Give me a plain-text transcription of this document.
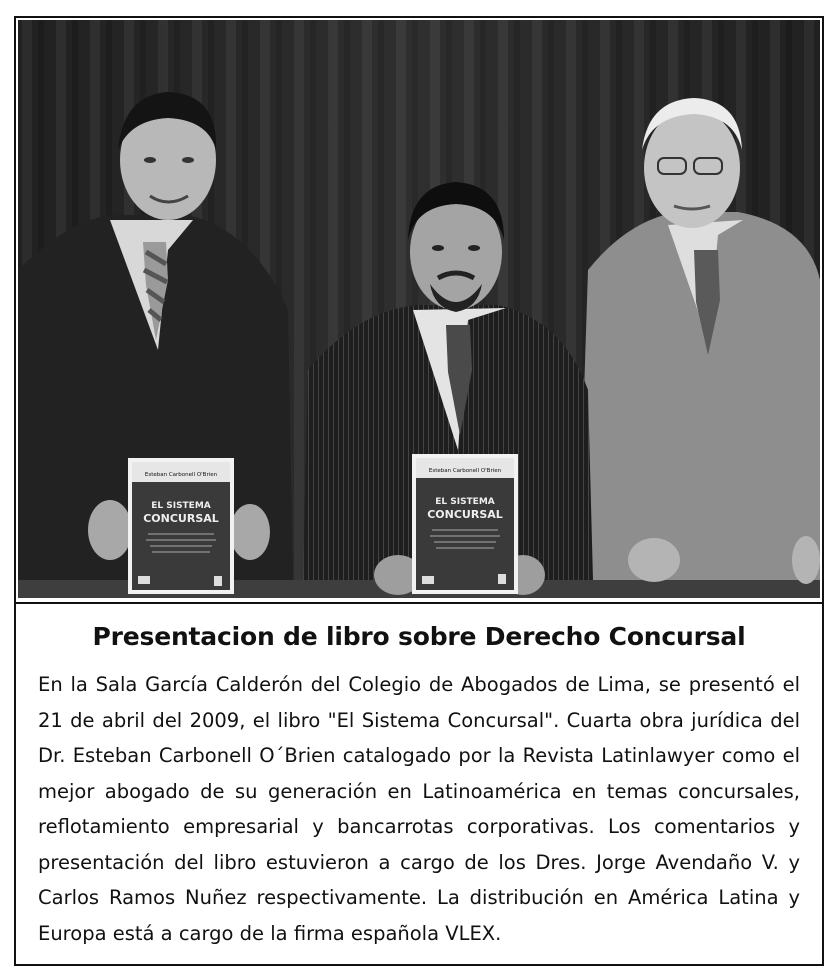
Esteban Carbonell O'Brien
EL SISTEMA
CONCURSAL
Esteban Carbonell O'Brien
EL SISTEMA
CONCURSAL
Presentacion de libro sobre Derecho Concursal
En la Sala García Calderón del Colegio de Abogados de Lima, se presentó el 21 de abril del 2009, el libro "El Sistema Concursal". Cuarta obra jurídica del Dr. Esteban Carbonell O´Brien catalogado por la Revista Latinlawyer como el mejor abogado de su generación en Latinoamérica en temas concursales, reflotamiento empresarial y bancarrotas corporativas. Los comentarios y presentación del libro estuvieron a cargo de los Dres. Jorge Avendaño V. y Carlos Ramos Nuñez respectivamente. La distribución en América Latina y Europa está a cargo de la firma española VLEX.
